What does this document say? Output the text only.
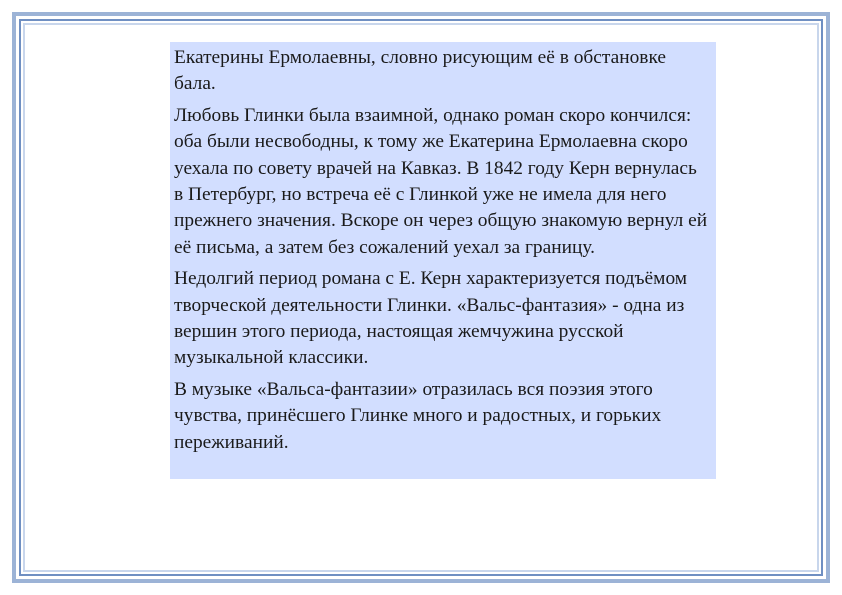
Екатерины Ермолаевны, словно рисующим её в обстановке бала.

Любовь Глинки была взаимной, однако роман скоро кончился: оба были несвободны, к тому же Екатерина Ермолаевна скоро уехала по совету врачей на Кавказ. В 1842 году Керн вернулась в Петербург, но встреча её с Глинкой уже не имела для него прежнего значения. Вскоре он через общую знакомую вернул ей её письма, а затем без сожалений уехал за границу.

Недолгий период романа с Е. Керн характеризуется подъёмом творческой деятельности Глинки. «Вальс-фантазия» - одна из вершин этого периода, настоящая жемчужина русской музыкальной классики.

В музыке «Вальса-фантазии» отразилась вся поэзия этого чувства, принёсшего Глинке много и радостных, и горьких переживаний.
